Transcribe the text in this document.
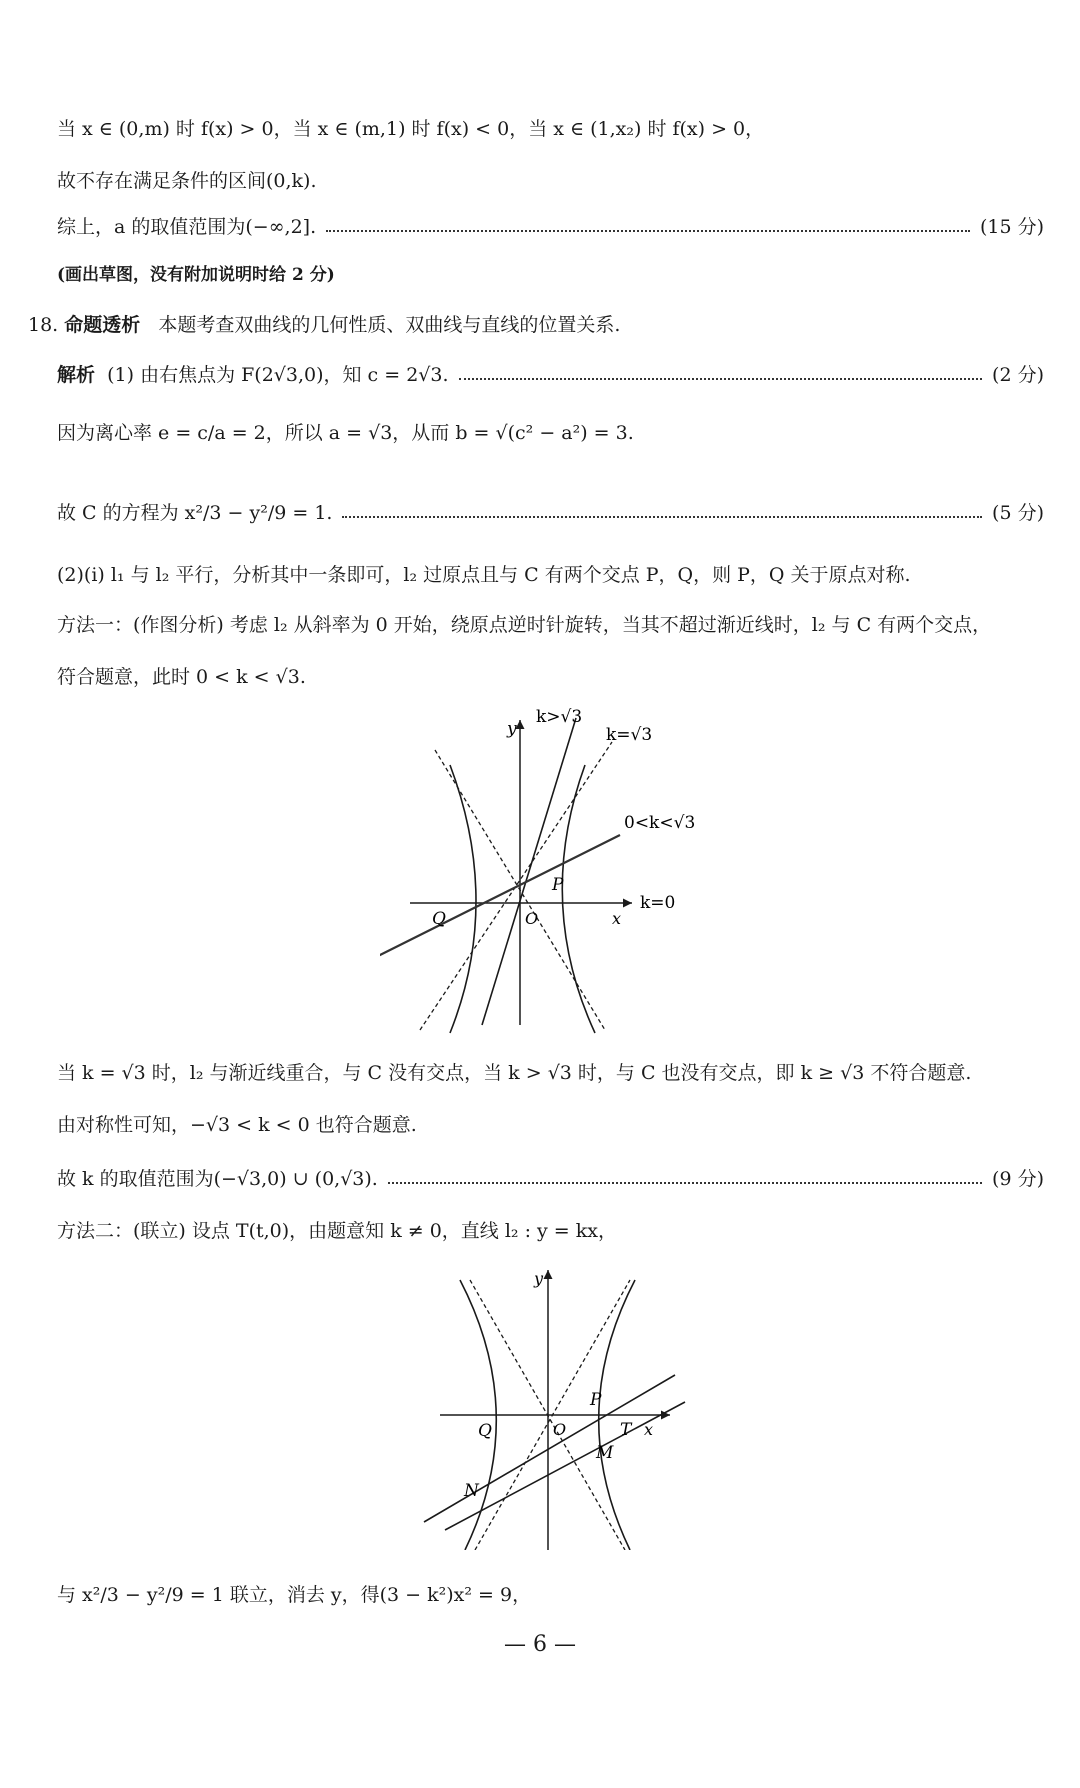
当 x ∈ (0,m) 时 f(x) > 0，当 x ∈ (m,1) 时 f(x) < 0，当 x ∈ (1,x₂) 时 f(x) > 0，
故不存在满足条件的区间(0,k).
综上，a 的取值范围为(−∞,2].	(15 分)
(画出草图，没有附加说明时给 2 分)
18. 命题透析 本题考查双曲线的几何性质、双曲线与直线的位置关系.
解析
(1) 由右焦点为 F(2√3,0)，知 c = 2√3.	(2 分)
因为离心率 e = c/a = 2，所以 a = √3，从而 b = √(c² − a²) = 3.
故 C 的方程为 x²/3 − y²/9 = 1.	(5 分)
(2)(ⅰ) l₁ 与 l₂ 平行，分析其中一条即可，l₂ 过原点且与 C 有两个交点 P，Q，则 P，Q 关于原点对称.
方法一：(作图分析) 考虑 l₂ 从斜率为 0 开始，绕原点逆时针旋转，当其不超过渐近线时，l₂ 与 C 有两个交点，
符合题意，此时 0 < k < √3.
y
x
O
P
Q
k>√3
k=√3
0<k<√3
k=0
当 k = √3 时，l₂ 与渐近线重合，与 C 没有交点，当 k > √3 时，与 C 也没有交点，即 k ≥ √3 不符合题意.
由对称性可知，−√3 < k < 0 也符合题意.
故 k 的取值范围为(−√3,0) ∪ (0,√3).	(9 分)
方法二：(联立) 设点 T(t,0)，由题意知 k ≠ 0，直线 l₂ : y = kx，
y
x
O
P
Q	T
M
N
与 x²/3 − y²/9 = 1 联立，消去 y，得(3 − k²)x² = 9，
— 6 —
